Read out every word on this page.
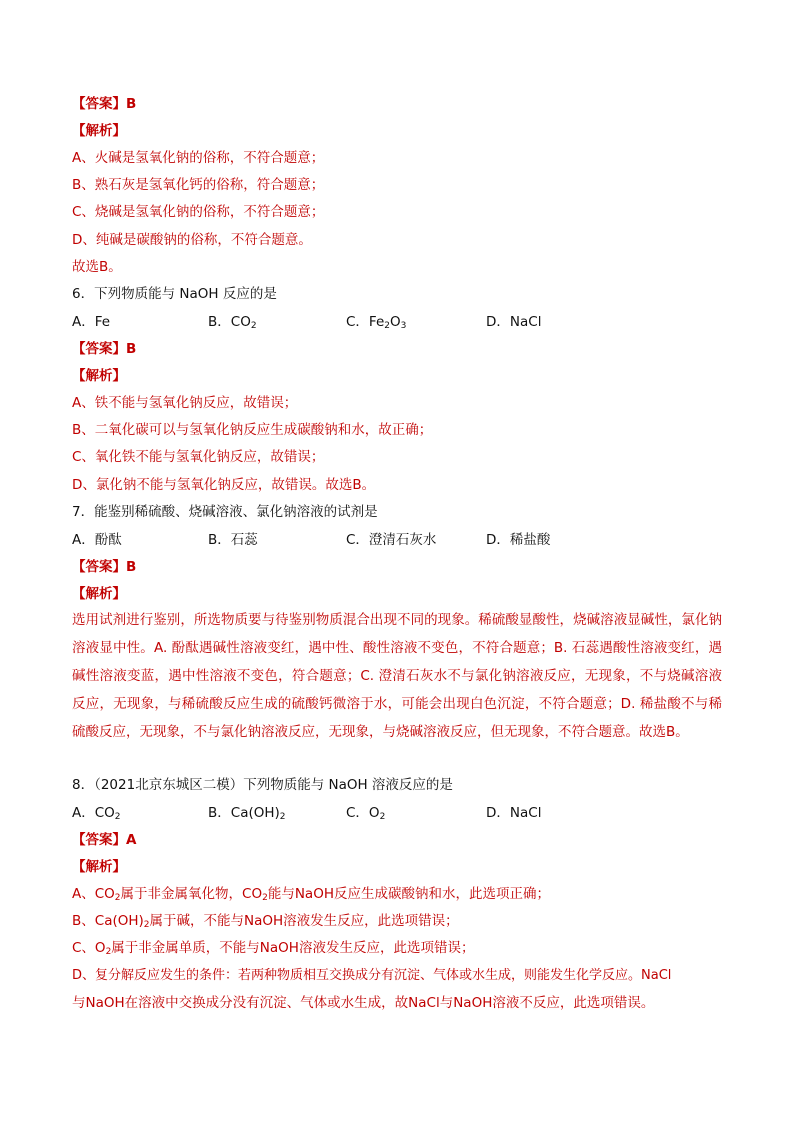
【答案】B
【解析】
A、火碱是氢氧化钠的俗称，不符合题意；
B、熟石灰是氢氧化钙的俗称，符合题意；
C、烧碱是氢氧化钠的俗称，不符合题意；
D、纯碱是碳酸钠的俗称，不符合题意。
故选B。
6．下列物质能与 NaOH 反应的是
A．Fe	B．$CO_2$	C．$Fe_2O_3$	D．NaCl
【答案】B
【解析】
A、铁不能与氢氧化钠反应，故错误；
B、二氧化碳可以与氢氧化钠反应生成碳酸钠和水，故正确；
C、氧化铁不能与氢氧化钠反应，故错误；
D、氯化钠不能与氢氧化钠反应，故错误。故选B。
7．能鉴别稀硫酸、烧碱溶液、氯化钠溶液的试剂是
A．酚酞	B．石蕊	C．澄清石灰水	D．稀盐酸
【答案】B
【解析】
选用试剂进行鉴别，所选物质要与待鉴别物质混合出现不同的现象。稀硫酸显酸性，烧碱溶液显碱性，氯化钠溶液显中性。A. 酚酞遇碱性溶液变红，遇中性、酸性溶液不变色，不符合题意；B. 石蕊遇酸性溶液变红，遇碱性溶液变蓝，遇中性溶液不变色，符合题意；C. 澄清石灰水不与氯化钠溶液反应，无现象，不与烧碱溶液反应，无现象，与稀硫酸反应生成的硫酸钙微溶于水，可能会出现白色沉淀，不符合题意；D. 稀盐酸不与稀硫酸反应，无现象，不与氯化钠溶液反应，无现象，与烧碱溶液反应，但无现象，不符合题意。故选B。
8．（2021北京东城区二模）下列物质能与 NaOH 溶液反应的是
A．$CO_2$	B．$Ca(OH)_2$	C．$O_2$	D．NaCl
【答案】A
【解析】
A、$CO_2$属于非金属氧化物，$CO_2$能与NaOH反应生成碳酸钠和水，此选项正确；
B、$Ca(OH)_2$属于碱，不能与NaOH溶液发生反应，此选项错误；
C、$O_2$属于非金属单质，不能与NaOH溶液发生反应，此选项错误；
D、复分解反应发生的条件：若两种物质相互交换成分有沉淀、气体或水生成，则能发生化学反应。NaCl
与NaOH在溶液中交换成分没有沉淀、气体或水生成，故NaCl与NaOH溶液不反应，此选项错误。
